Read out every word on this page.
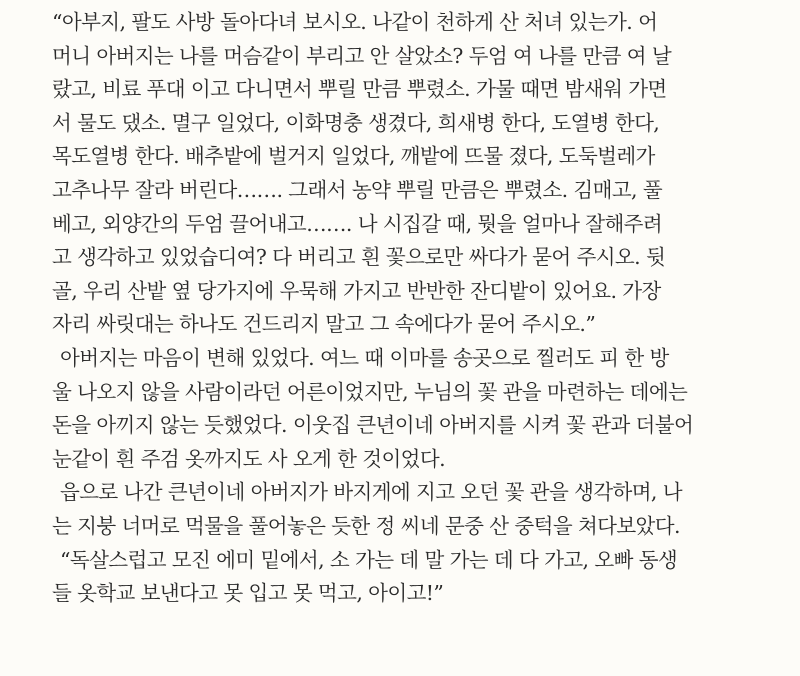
“아부지, 팔도 사방 돌아다녀 보시오. 나같이 천하게 산 처녀 있는가. 어
머니 아버지는 나를 머슴같이 부리고 안 살았소? 두엄 여 나를 만큼 여 날
랐고, 비료 푸대 이고 다니면서 뿌릴 만큼 뿌렸소. 가물 때면 밤새워 가면
서 물도 댔소. 멸구 일었다, 이화명충 생겼다, 희새병 한다, 도열병 한다,
목도열병 한다. 배추밭에 벌거지 일었다, 깨밭에 뜨물 졌다, 도둑벌레가
고추나무 잘라 버린다……. 그래서 농약 뿌릴 만큼은 뿌렸소. 김매고, 풀
베고, 외양간의 두엄 끌어내고……. 나 시집갈 때, 뭣을 얼마나 잘해주려
고 생각하고 있었습디여? 다 버리고 흰 꽃으로만 싸다가 묻어 주시오. 뒷
골, 우리 산밭 옆 당가지에 우묵해 가지고 반반한 잔디밭이 있어요. 가장
자리 싸릿대는 하나도 건드리지 말고 그 속에다가 묻어 주시오.”
아버지는 마음이 변해 있었다. 여느 때 이마를 송곳으로 찔러도 피 한 방
울 나오지 않을 사람이라던 어른이었지만, 누님의 꽃 관을 마련하는 데에는
돈을 아끼지 않는 듯했었다. 이웃집 큰년이네 아버지를 시켜 꽃 관과 더불어
눈같이 흰 주검 옷까지도 사 오게 한 것이었다.
읍으로 나간 큰년이네 아버지가 바지게에 지고 오던 꽃 관을 생각하며, 나
는 지붕 너머로 먹물을 풀어놓은 듯한 정 씨네 문중 산 중턱을 쳐다보았다.
“독살스럽고 모진 에미 밑에서, 소 가는 데 말 가는 데 다 가고, 오빠 동생
들 옷학교 보낸다고 못 입고 못 먹고, 아이고!”
